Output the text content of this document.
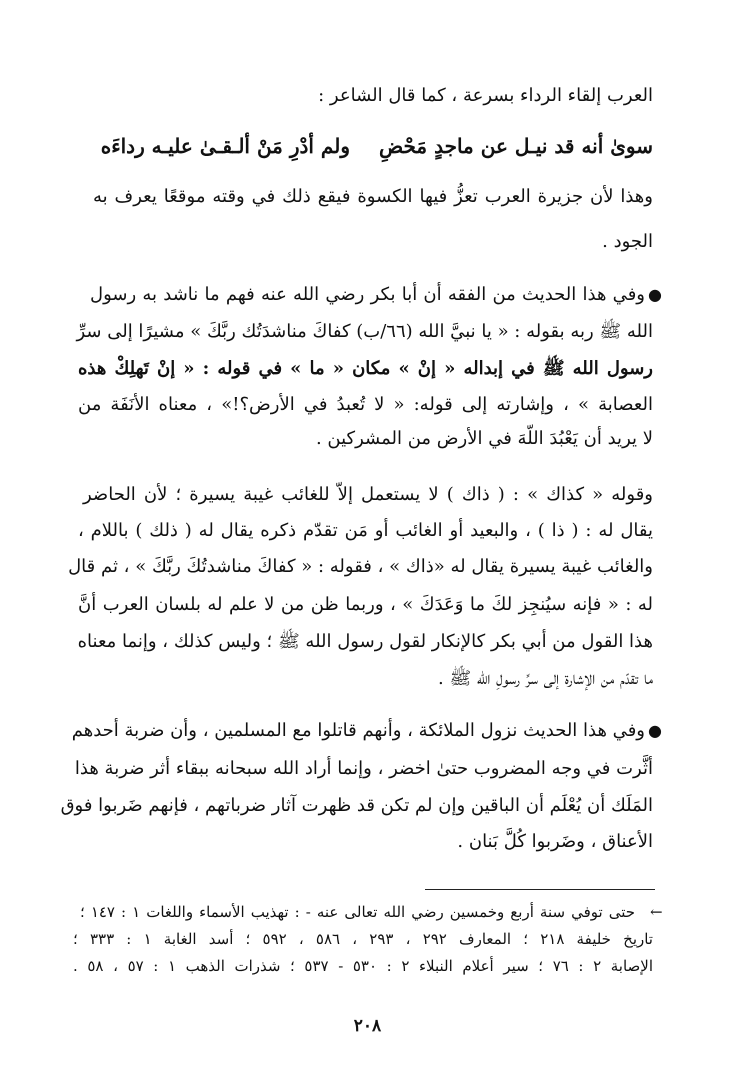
العرب إلقاء الرداء بسرعة ، كما قال الشاعر :
ولم أدْرِ مَنْ ألـقـىٰ عليـه رداءَه سوىٰ أنه قد نيـل عن ماجدٍ مَحْضِ
وهذا لأن جزيرة العرب تعزُّ فيها الكسوة فيقع ذلك في وقته موقعًا يعرف به
الجود .
●
وفي هذا الحديث من الفقه أن أبا بكر رضي الله عنه فهم ما ناشد به رسول
الله ﷺ ربه بقوله : « يا نبيَّ الله (٦٦/ب) كفاكَ مناشدَتُك ربَّكَ » مشيرًا إلى سرِّ
رسول الله ﷺ في إبداله « إنْ » مكان « ما » في قوله : « إنْ تَهلِكْ هذه
العصابة » ، وإشارته إلى قوله: « لا تُعبدُ في الأرض؟!» ، معناه الأنَفَة من
لا يريد أن يَعْبُدَ اللّهَ في الأرض من المشركين .
وقوله « كذاك » : ( ذاك ) لا يستعمل إلاّ للغائب غيبة يسيرة ؛ لأن الحاضر
يقال له : ( ذا ) ، والبعيد أو الغائب أو مَن تقدّم ذكره يقال له ( ذلك ) باللام ،
والغائب غيبة يسيرة يقال له «ذاك » ، فقوله : « كفاكَ مناشدتُكَ ربَّكَ » ، ثم قال
له : « فإنه سيُنجِز لكَ ما وَعَدَكَ » ، وربما ظن من لا علم له بلسان العرب أنَّ
هذا القول من أبي بكر كالإنكار لقول رسول الله ﷺ ؛ وليس كذلك ، وإنما معناه
ما تقدّم من الإشارة إلى سرِّ رسولِ الله ﷺ .
●
وفي هذا الحديث نزول الملائكة ، وأنهم قاتلوا مع المسلمين ، وأن ضربة أحدهم
أثَّرت في وجه المضروب حتىٰ اخضر ، وإنما أراد الله سبحانه ببقاء أثر ضربة هذا
المَلَك أن يُعْلَم أن الباقين وإن لم تكن قد ظهرت آثار ضرباتهم ، فإنهم ضَربوا فوق
الأعناق ، وضَربوا كُلَّ بَنان .
←
حتى توفي سنة أربع وخمسين رضي الله تعالى عنه - : تهذيب الأسماء واللغات ١ : ١٤٧ ؛
تاريخ خليفة ٢١٨ ؛ المعارف ٢٩٢ ، ٢٩٣ ، ٥٨٦ ، ٥٩٢ ؛ أسد الغابة ١ : ٣٣٣ ؛
الإصابة ٢ : ٧٦ ؛ سير أعلام النبلاء ٢ : ٥٣٠ - ٥٣٧ ؛ شذرات الذهب ١ : ٥٧ ، ٥٨ .
٢٠٨
